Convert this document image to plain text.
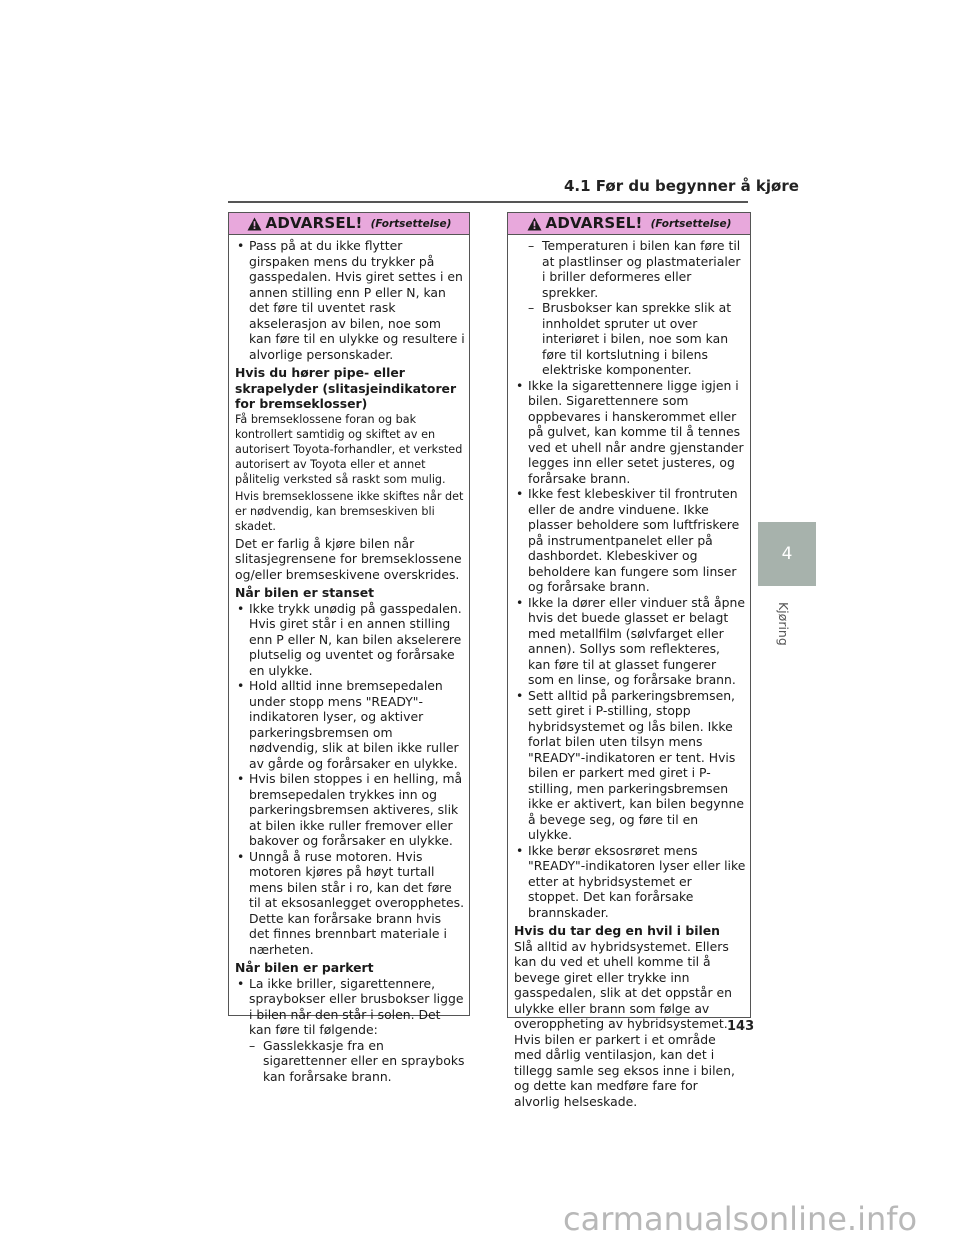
4.1 Før du begynner å kjøre
ADVARSEL! (Fortsettelse)
• Pass på at du ikke flytter girspaken mens du trykker på gasspedalen. Hvis giret settes i en annen stilling enn P eller N, kan det føre til uventet rask akselerasjon av bilen, noe som kan føre til en ulykke og resultere i alvorlige personskader.
Hvis du hører pipe- eller skrapelyder (slitasjeindikatorer for bremseklosser)
Få bremseklossene foran og bak kontrollert samtidig og skiftet av en autorisert Toyota-forhandler, et verksted autorisert av Toyota eller et annet pålitelig verksted så raskt som mulig.
Hvis bremseklossene ikke skiftes når det er nødvendig, kan bremseskiven bli skadet.
Det er farlig å kjøre bilen når slitasjegrensene for bremseklossene og/eller bremseskivene overskrides.
Når bilen er stanset
• Ikke trykk unødig på gasspedalen. Hvis giret står i en annen stilling enn P eller N, kan bilen akselerere plutselig og uventet og forårsake en ulykke.
• Hold alltid inne bremsepedalen under stopp mens "READY"-indikatoren lyser, og aktiver parkeringsbremsen om nødvendig, slik at bilen ikke ruller av gårde og forårsaker en ulykke.
• Hvis bilen stoppes i en helling, må bremsepedalen trykkes inn og parkeringsbremsen aktiveres, slik at bilen ikke ruller fremover eller bakover og forårsaker en ulykke.
• Unngå å ruse motoren. Hvis motoren kjøres på høyt turtall mens bilen står i ro, kan det føre til at eksosanlegget overopphetes. Dette kan forårsake brann hvis det finnes brennbart materiale i nærheten.
Når bilen er parkert
• La ikke briller, sigarettennere, spraybokser eller brusbokser ligge i bilen når den står i solen. Det kan føre til følgende:
– Gasslekkasje fra en sigarettenner eller en sprayboks kan forårsake brann.
ADVARSEL! (Fortsettelse)
– Temperaturen i bilen kan føre til at plastlinser og plastmaterialer i briller deformeres eller sprekker.
– Brusbokser kan sprekke slik at innholdet spruter ut over interiøret i bilen, noe som kan føre til kortslutning i bilens elektriske komponenter.
• Ikke la sigarettennere ligge igjen i bilen. Sigarettennere som oppbevares i hanskerommet eller på gulvet, kan komme til å tennes ved et uhell når andre gjenstander legges inn eller setet justeres, og forårsake brann.
• Ikke fest klebeskiver til frontruten eller de andre vinduene. Ikke plasser beholdere som luftfriskere på instrumentpanelet eller på dashbordet. Klebeskiver og beholdere kan fungere som linser og forårsake brann.
• Ikke la dører eller vinduer stå åpne hvis det buede glasset er belagt med metallfilm (sølvfarget eller annen). Sollys som reflekteres, kan føre til at glasset fungerer som en linse, og forårsake brann.
• Sett alltid på parkeringsbremsen, sett giret i P-stilling, stopp hybridsystemet og lås bilen. Ikke forlat bilen uten tilsyn mens "READY"-indikatoren er tent. Hvis bilen er parkert med giret i P-stilling, men parkeringsbremsen ikke er aktivert, kan bilen begynne å bevege seg, og føre til en ulykke.
• Ikke berør eksosrøret mens "READY"-indikatoren lyser eller like etter at hybridsystemet er stoppet. Det kan forårsake brannskader.
Hvis du tar deg en hvil i bilen
Slå alltid av hybridsystemet. Ellers kan du ved et uhell komme til å bevege giret eller trykke inn gasspedalen, slik at det oppstår en ulykke eller brann som følge av overoppheting av hybridsystemet. Hvis bilen er parkert i et område med dårlig ventilasjon, kan det i tillegg samle seg eksos inne i bilen, og dette kan medføre fare for alvorlig helseskade.
143
4
Kjøring
carmanualsonline.info
